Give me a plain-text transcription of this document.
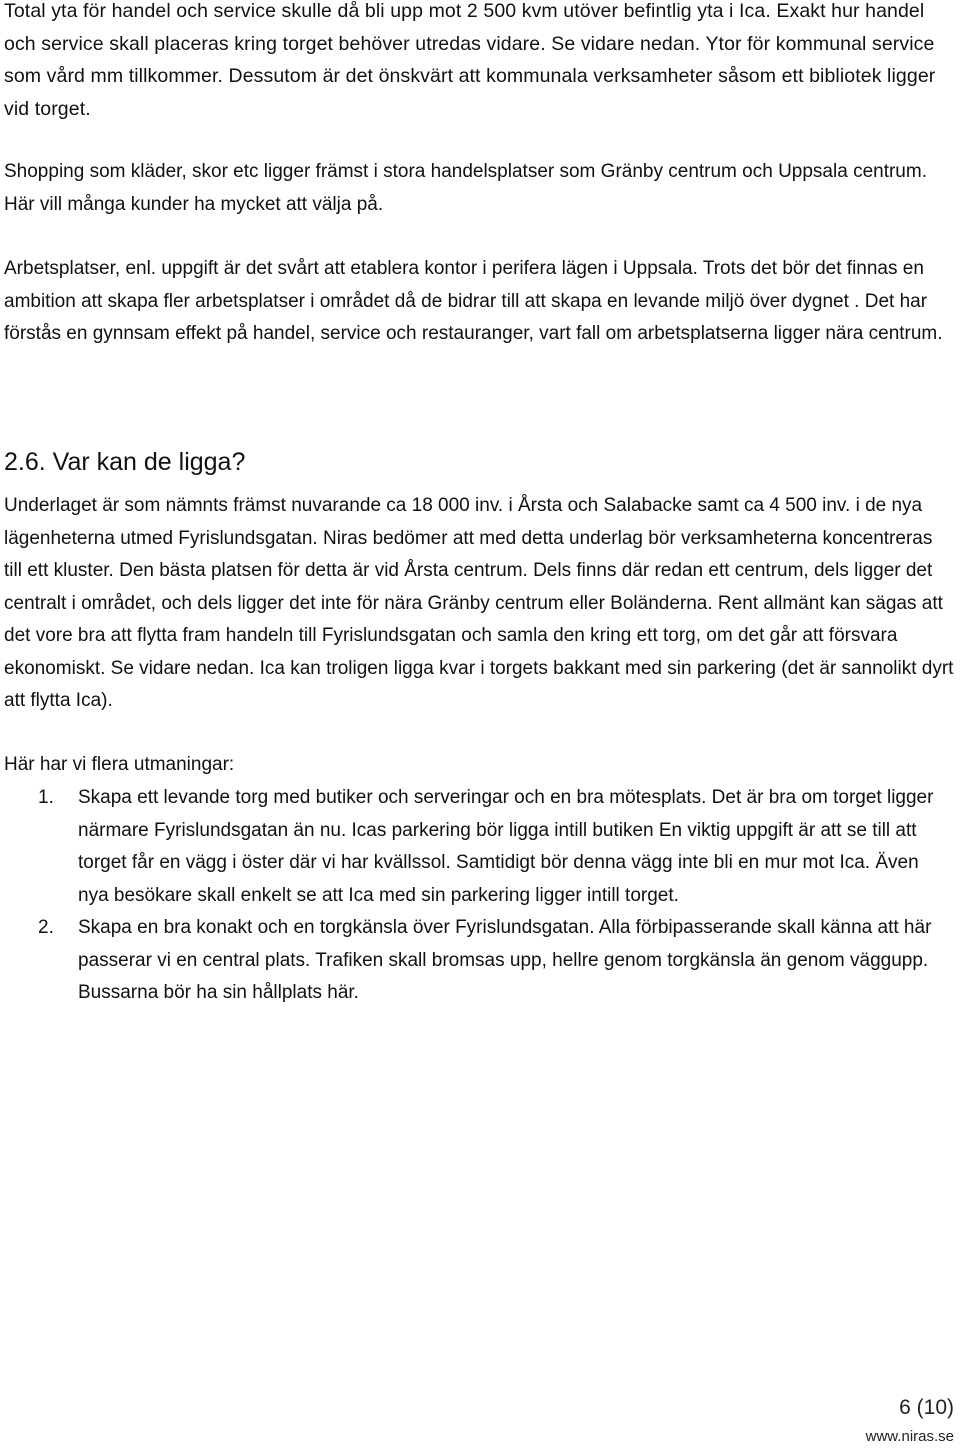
Total yta för handel och service skulle då bli upp mot 2 500 kvm utöver befintlig yta i Ica. Exakt hur handel och service skall placeras kring torget behöver utredas vidare. Se vidare nedan. Ytor för kommunal service som vård mm tillkommer. Dessutom är det önskvärt att kommunala verksamheter såsom ett bibliotek ligger vid torget.

Shopping som kläder, skor etc ligger främst i stora handelsplatser som Gränby centrum och Uppsala centrum. Här vill många kunder ha mycket att välja på.

Arbetsplatser, enl. uppgift är det svårt att etablera kontor i perifera lägen i Uppsala. Trots det bör det finnas en ambition att skapa fler arbetsplatser i området då de bidrar till att skapa en levande miljö över dygnet . Det har förstås en gynnsam effekt på handel, service och restauranger, vart fall om arbetsplatserna ligger nära centrum.

2.6. Var kan de ligga?

Underlaget är som nämnts främst nuvarande ca 18 000 inv. i Årsta och Salabacke samt ca 4 500 inv. i de nya lägenheterna utmed Fyrislundsgatan. Niras bedömer att med detta underlag bör verksamheterna koncentreras till ett kluster. Den bästa platsen för detta är vid Årsta centrum. Dels finns där redan ett centrum, dels ligger det centralt i området, och dels ligger det inte för nära Gränby centrum eller Boländerna. Rent allmänt kan sägas att det vore bra att flytta fram handeln till Fyrislundsgatan och samla den kring ett torg, om det går att försvara ekonomiskt. Se vidare nedan. Ica kan troligen ligga kvar i torgets bakkant med sin parkering (det är sannolikt dyrt att flytta Ica).

Här har vi flera utmaningar:

1. Skapa ett levande torg med butiker och serveringar och en bra mötesplats. Det är bra om torget ligger närmare Fyrislundsgatan än nu. Icas parkering bör ligga intill butiken En viktig uppgift är att se till att torget får en vägg i öster där vi har kvällssol. Samtidigt bör denna vägg inte bli en mur mot Ica. Även nya besökare skall enkelt se att Ica med sin parkering ligger intill torget.
2. Skapa en bra konakt och en torgkänsla över Fyrislundsgatan. Alla förbipasserande skall känna att här passerar vi en central plats. Trafiken skall bromsas upp, hellre genom torgkänsla än genom väggupp. Bussarna bör ha sin hållplats här.
6 (10)
www.niras.se
